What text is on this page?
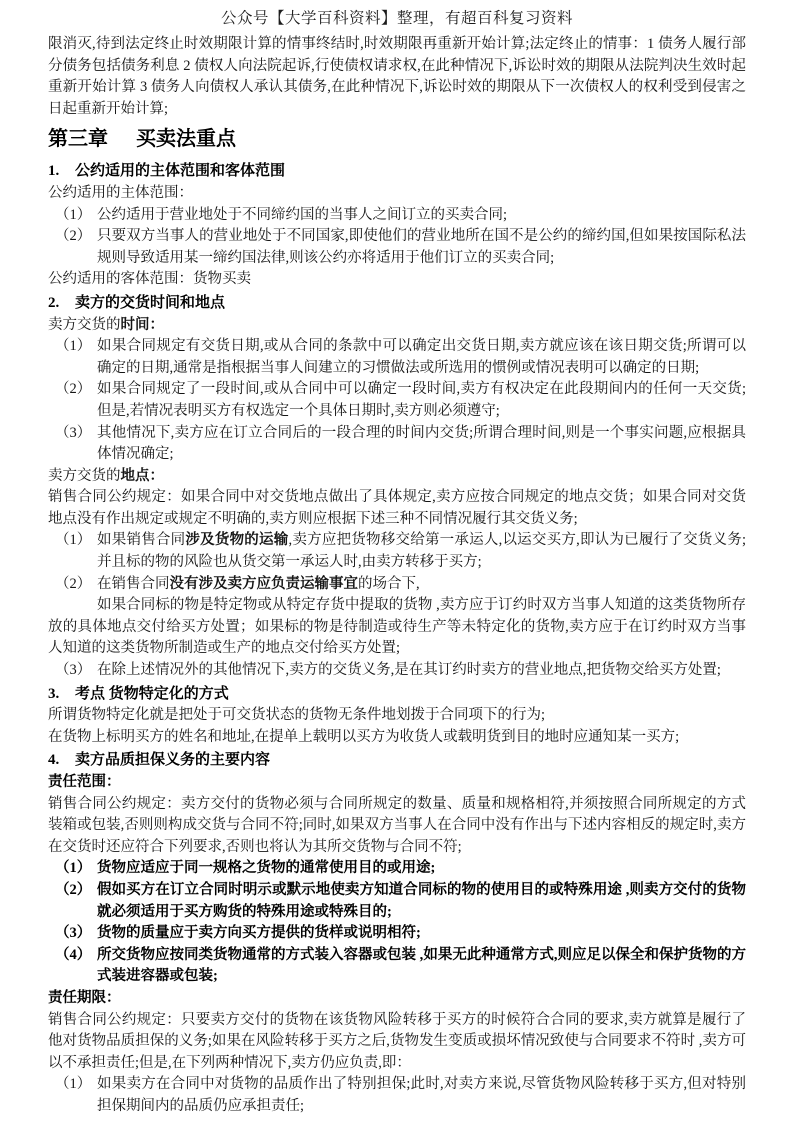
公众号【大学百科资料】整理，有超百科复习资料

限消灭,待到法定终止时效期限计算的情事终结时,时效期限再重新开始计算;法定终止的情事：1 债务人履行部分债务包括债务利息 2 债权人向法院起诉,行使债权请求权,在此种情况下,诉讼时效的期限从法院判决生效时起重新开始计算 3 债务人向债权人承认其债务,在此种情况下,诉讼时效的期限从下一次债权人的权利受到侵害之日起重新开始计算;

第三章 买卖法重点
1.	公约适用的主体范围和客体范围

公约适用的主体范围：

（1） 公约适用于营业地处于不同缔约国的当事人之间订立的买卖合同;
（2） 只要双方当事人的营业地处于不同国家,即使他们的营业地所在国不是公约的缔约国,但如果按国际私法规则导致适用某一缔约国法律,则该公约亦将适用于他们订立的买卖合同;

公约适用的客体范围：货物买卖

2.	卖方的交货时间和地点

卖方交货的时间：

（1） 如果合同规定有交货日期,或从合同的条款中可以确定出交货日期,卖方就应该在该日期交货;所谓可以确定的日期,通常是指根据当事人间建立的习惯做法或所选用的惯例或情况表明可以确定的日期;
（2） 如果合同规定了一段时间,或从合同中可以确定一段时间,卖方有权决定在此段期间内的任何一天交货;但是,若情况表明买方有权选定一个具体日期时,卖方则必须遵守;
（3） 其他情况下,卖方应在订立合同后的一段合理的时间内交货;所谓合理时间,则是一个事实问题,应根据具体情况确定;

卖方交货的地点：

销售合同公约规定：如果合同中对交货地点做出了具体规定,卖方应按合同规定的地点交货；如果合同对交货地点没有作出规定或规定不明确的,卖方则应根据下述三种不同情况履行其交货义务;

（1） 如果销售合同涉及货物的运输,卖方应把货物移交给第一承运人,以运交买方,即认为已履行了交货义务;并且标的物的风险也从货交第一承运人时,由卖方转移于买方;
（2） 在销售合同没有涉及卖方应负责运输事宜的场合下,

如果合同标的物是特定物或从特定存货中提取的货物 ,卖方应于订约时双方当事人知道的这类货物所存放的具体地点交付给买方处置；如果标的物是待制造或待生产等未特定化的货物,卖方应于在订约时双方当事人知道的这类货物所制造或生产的地点交付给买方处置;

（3） 在除上述情况外的其他情况下,卖方的交货义务,是在其订约时卖方的营业地点,把货物交给买方处置;
3.	考点 货物特定化的方式

所谓货物特定化就是把处于可交货状态的货物无条件地划拨于合同项下的行为;

在货物上标明买方的姓名和地址,在提单上载明以买方为收货人或载明货到目的地时应通知某一买方;

4.	卖方品质担保义务的主要内容

责任范围：

销售合同公约规定：卖方交付的货物必须与合同所规定的数量、质量和规格相符,并须按照合同所规定的方式装箱或包装,否则则构成交货与合同不符;同时,如果双方当事人在合同中没有作出与下述内容相反的规定时,卖方在交货时还应符合下列要求,否则也将认为其所交货物与合同不符;

（1） 货物应适应于同一规格之货物的通常使用目的或用途;
（2） 假如买方在订立合同时明示或默示地使卖方知道合同标的物的使用目的或特殊用途 ,则卖方交付的货物就必须适用于买方购货的特殊用途或特殊目的;
（3） 货物的质量应于卖方向买方提供的货样或说明相符;
（4） 所交货物应按同类货物通常的方式装入容器或包装 ,如果无此种通常方式,则应足以保全和保护货物的方式装进容器或包装;

责任期限：

销售合同公约规定：只要卖方交付的货物在该货物风险转移于买方的时候符合合同的要求,卖方就算是履行了他对货物品质担保的义务;如果在风险转移于买方之后,货物发生变质或损坏情况致使与合同要求不符时 ,卖方可以不承担责任;但是,在下列两种情况下,卖方仍应负责,即：

（1） 如果卖方在合同中对货物的品质作出了特别担保;此时,对卖方来说,尽管货物风险转移于买方,但对特别担保期间内的品质仍应承担责任;
